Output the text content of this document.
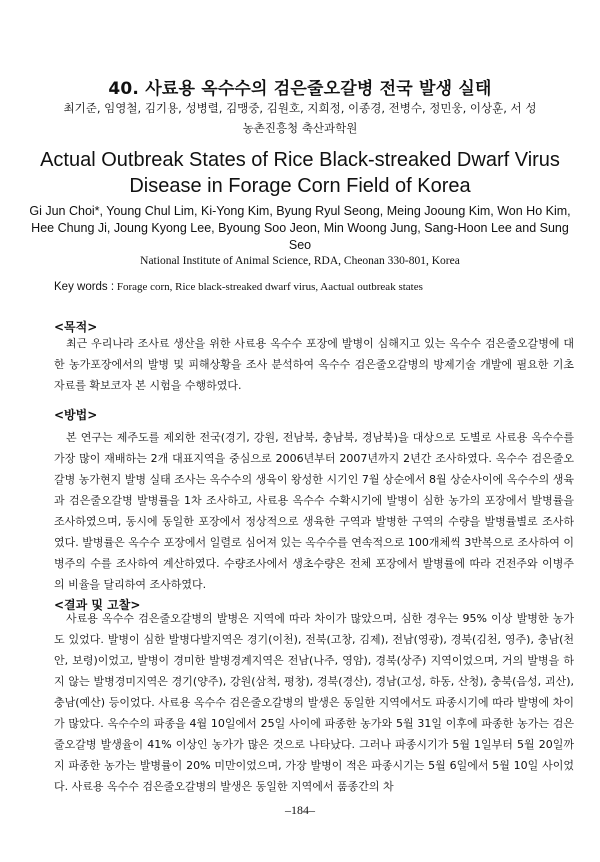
40. 사료용 옥수수의 검은줄오갈병 전국 발생 실태
최기준, 임영철, 김기용, 성병렬, 김맹중, 김원호, 지희정, 이종경, 전병수, 정민웅, 이상훈, 서 성
농촌진흥청 축산과학원
Actual Outbreak States of Rice Black-streaked Dwarf Virus Disease in Forage Corn Field of Korea
Gi Jun Choi*, Young Chul Lim, Ki-Yong Kim, Byung Ryul Seong, Meing Jooung Kim, Won Ho Kim, Hee Chung Ji, Joung Kyong Lee, Byoung Soo Jeon, Min Woong Jung, Sang-Hoon Lee and Sung Seo
National Institute of Animal Science, RDA, Cheonan 330-801, Korea
Key words : Forage corn, Rice black-streaked dwarf virus, Aactual outbreak states
<목적>

최근 우리나라 조사료 생산을 위한 사료용 옥수수 포장에 발병이 심해지고 있는 옥수수 검은줄오갈병에 대한 농가포장에서의 발병 및 피해상황을 조사 분석하여 옥수수 검은줄오갈병의 방제기술 개발에 필요한 기초 자료를 확보코자 본 시험을 수행하였다.

<방법>

본 연구는 제주도를 제외한 전국(경기, 강원, 전남북, 충남북, 경남북)을 대상으로 도별로 사료용 옥수수를 가장 많이 재배하는 2개 대표지역을 중심으로 2006년부터 2007년까지 2년간 조사하였다. 옥수수 검은줄오갈병 농가현지 발병 실태 조사는 옥수수의 생육이 왕성한 시기인 7월 상순에서 8월 상순사이에 옥수수의 생육과 검은줄오갈병 발병률을 1차 조사하고, 사료용 옥수수 수확시기에 발병이 심한 농가의 포장에서 발병률을 조사하였으며, 동시에 동일한 포장에서 정상적으로 생육한 구역과 발병한 구역의 수량을 발병률별로 조사하였다. 발병률은 옥수수 포장에서 일렬로 심어져 있는 옥수수를 연속적으로 100개체씩 3반복으로 조사하여 이병주의 수를 조사하여 계산하였다. 수량조사에서 생초수량은 전체 포장에서 발병률에 따라 건전주와 이병주의 비율을 달리하여 조사하였다.

<결과 및 고찰>

사료용 옥수수 검은줄오갈병의 발병은 지역에 따라 차이가 많았으며, 심한 경우는 95% 이상 발병한 농가도 있었다. 발병이 심한 발병다발지역은 경기(이천), 전북(고창, 김제), 전남(영광), 경북(김천, 영주), 충남(천안, 보령)이었고, 발병이 경미한 발병경계지역은 전남(나주, 영암), 경북(상주) 지역이었으며, 거의 발병을 하지 않는 발병경미지역은 경기(양주), 강원(삼척, 평창), 경북(경산), 경남(고성, 하동, 산청), 충북(음성, 괴산), 충남(예산) 등이었다. 사료용 옥수수 검은줄오갈병의 발생은 동일한 지역에서도 파종시기에 따라 발병에 차이가 많았다. 옥수수의 파종을 4월 10일에서 25일 사이에 파종한 농가와 5월 31일 이후에 파종한 농가는 검은줄오갈병 발생율이 41% 이상인 농가가 많은 것으로 나타났다. 그러나 파종시기가 5월 1일부터 5월 20일까지 파종한 농가는 발병률이 20% 미만이었으며, 가장 발병이 적은 파종시기는 5월 6일에서 5월 10일 사이었다. 사료용 옥수수 검은줄오갈병의 발생은 동일한 지역에서 품종간의 차

–184–
